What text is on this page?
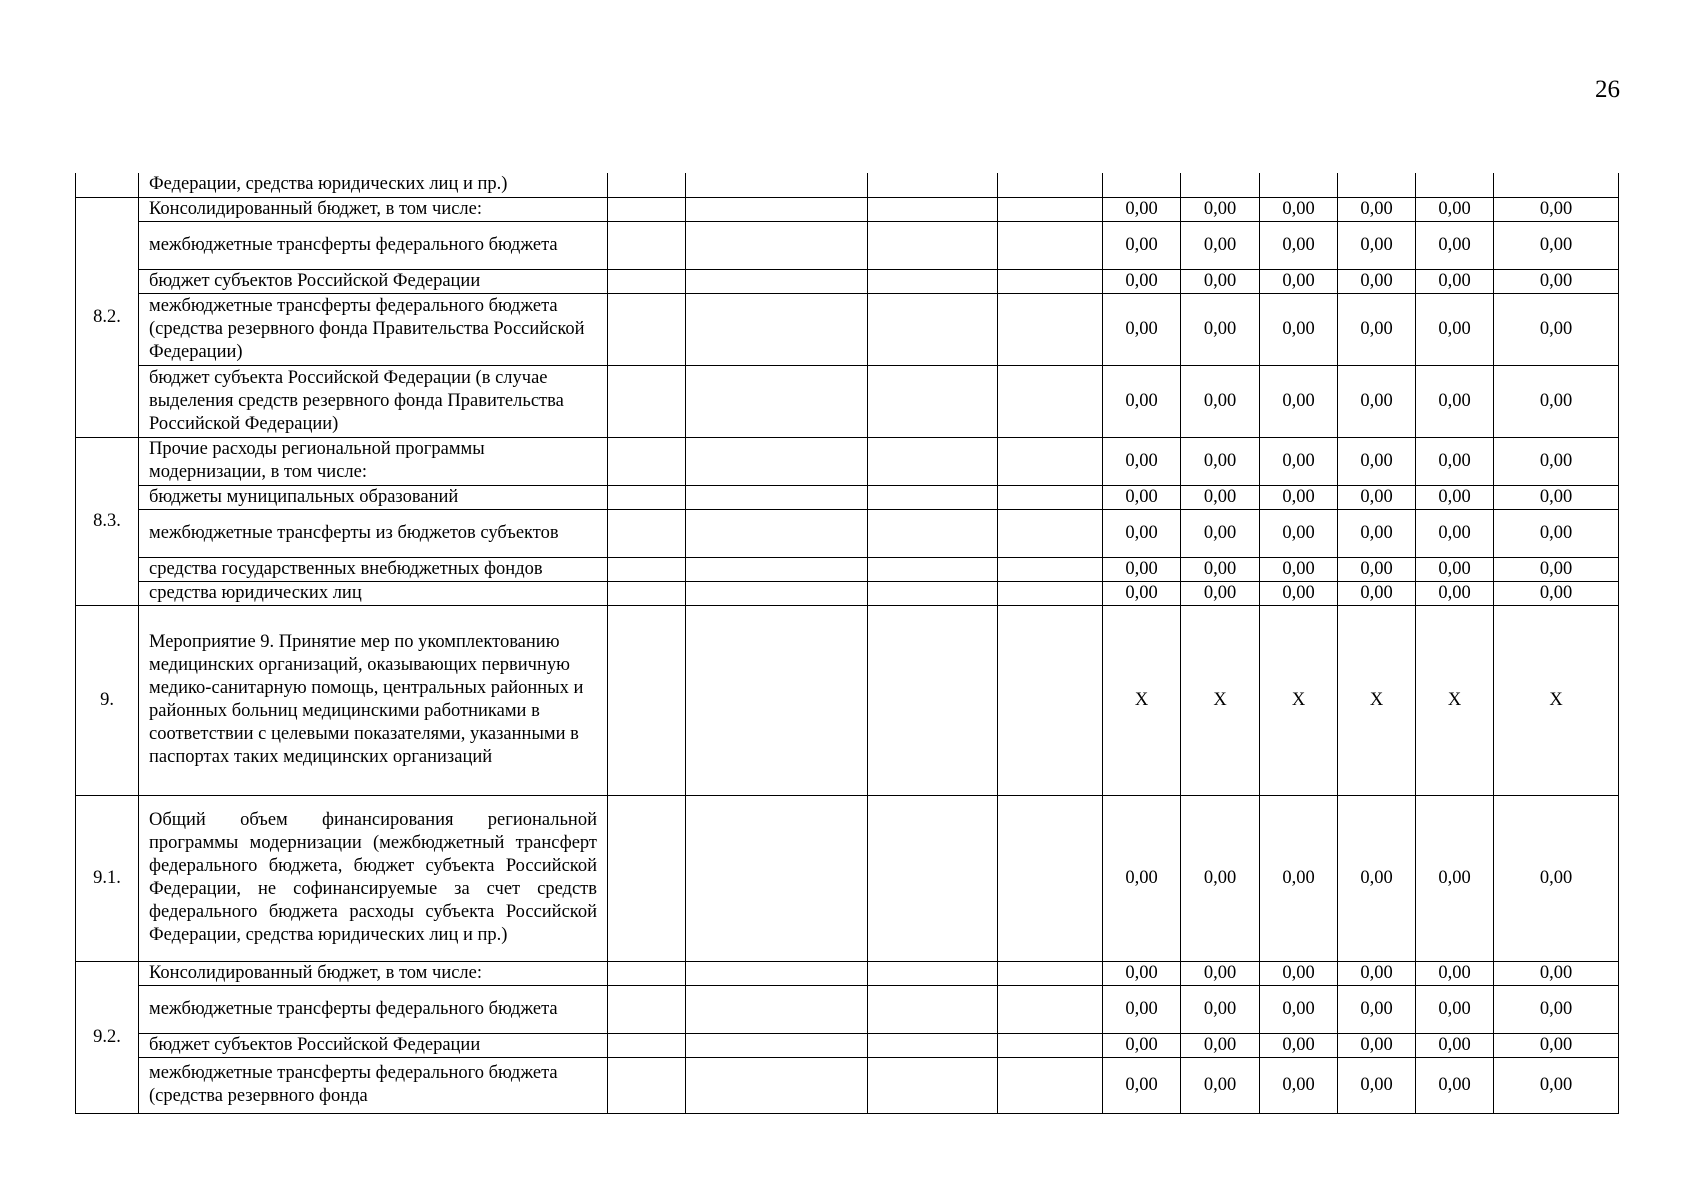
26
	Федерации, средства юридических лиц и пр.)										
8.2.	Консолидированный бюджет, в том числе:					0,00	0,00	0,00	0,00	0,00	0,00
	межбюджетные трансферты федерального бюджета					0,00	0,00	0,00	0,00	0,00	0,00
	бюджет субъектов Российской Федерации					0,00	0,00	0,00	0,00	0,00	0,00
	межбюджетные трансферты федерального бюджета (средства резервного фонда Правительства Российской Федерации)					0,00	0,00	0,00	0,00	0,00	0,00
	бюджет субъекта Российской Федерации (в случае выделения средств резервного фонда Правительства Российской Федерации)					0,00	0,00	0,00	0,00	0,00	0,00
8.3.	Прочие расходы региональной программы модернизации, в том числе:					0,00	0,00	0,00	0,00	0,00	0,00
	бюджеты муниципальных образований					0,00	0,00	0,00	0,00	0,00	0,00
	межбюджетные трансферты из бюджетов субъектов					0,00	0,00	0,00	0,00	0,00	0,00
	средства государственных внебюджетных фондов					0,00	0,00	0,00	0,00	0,00	0,00
	средства юридических лиц					0,00	0,00	0,00	0,00	0,00	0,00
9.	Мероприятие 9. Принятие мер по укомплектованию медицинских организаций, оказывающих первичную медико-санитарную помощь, центральных районных и районных больниц медицинскими работниками в соответствии с целевыми показателями, указанными в паспортах таких медицинских организаций					X	X	X	X	X	X
9.1.	Общий объем финансирования региональной программы модернизации (межбюджетный трансферт федерального бюджета, бюджет субъекта Российской Федерации, не софинансируемые за счет средств федерального бюджета расходы субъекта Российской Федерации, средства юридических лиц и пр.)					0,00	0,00	0,00	0,00	0,00	0,00
9.2.	Консолидированный бюджет, в том числе:					0,00	0,00	0,00	0,00	0,00	0,00
	межбюджетные трансферты федерального бюджета					0,00	0,00	0,00	0,00	0,00	0,00
	бюджет субъектов Российской Федерации					0,00	0,00	0,00	0,00	0,00	0,00
	межбюджетные трансферты федерального бюджета (средства резервного фонда					0,00	0,00	0,00	0,00	0,00	0,00
